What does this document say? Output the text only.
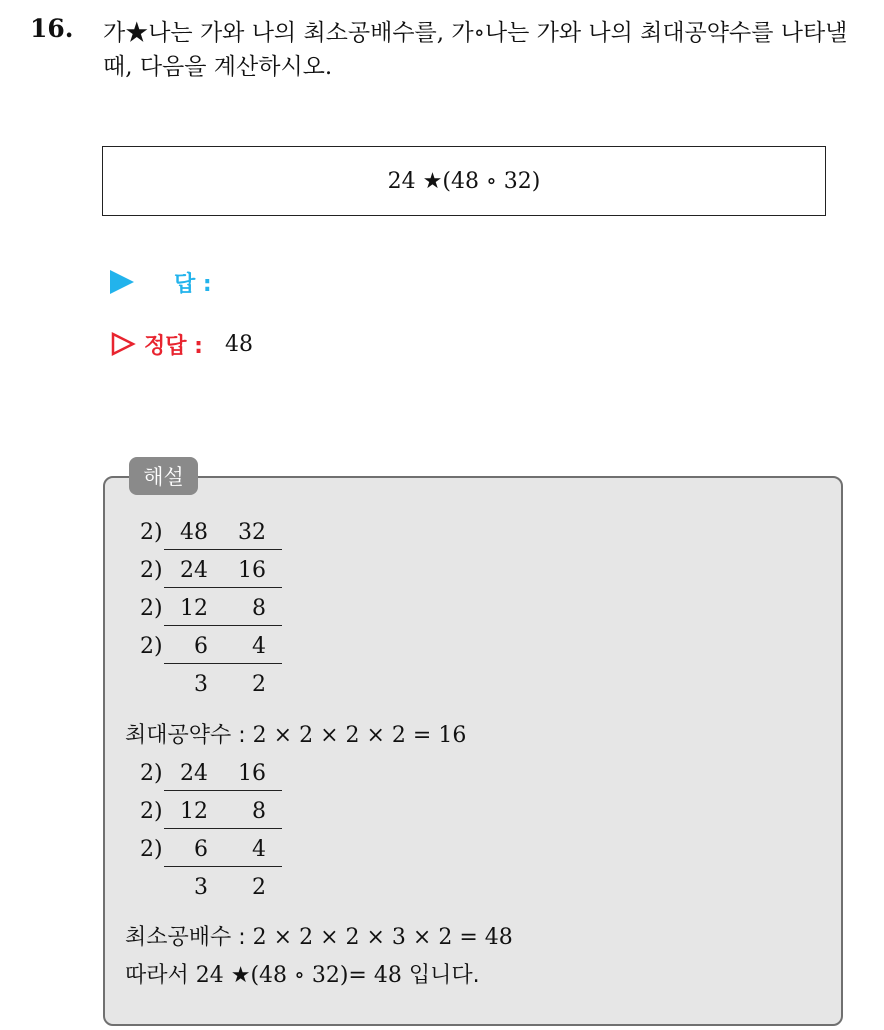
16. 가★나는 가와 나의 최소공배수를, 가∘나는 가와 나의 최대공약수를 나타낼 때, 다음을 계산하시오.
24 ★(48 ∘ 32)
답 :
정답 : 48
해설
2) 48	32
2) 24	16
2) 12	8
2)	6	4
3	2
최대공약수 : 2 × 2 × 2 × 2 = 16
2) 24	16
2) 12	8
2)	6	4
3	2
최소공배수 : 2 × 2 × 2 × 3 × 2 = 48
따라서 24 ★(48 ∘ 32)= 48 입니다.
